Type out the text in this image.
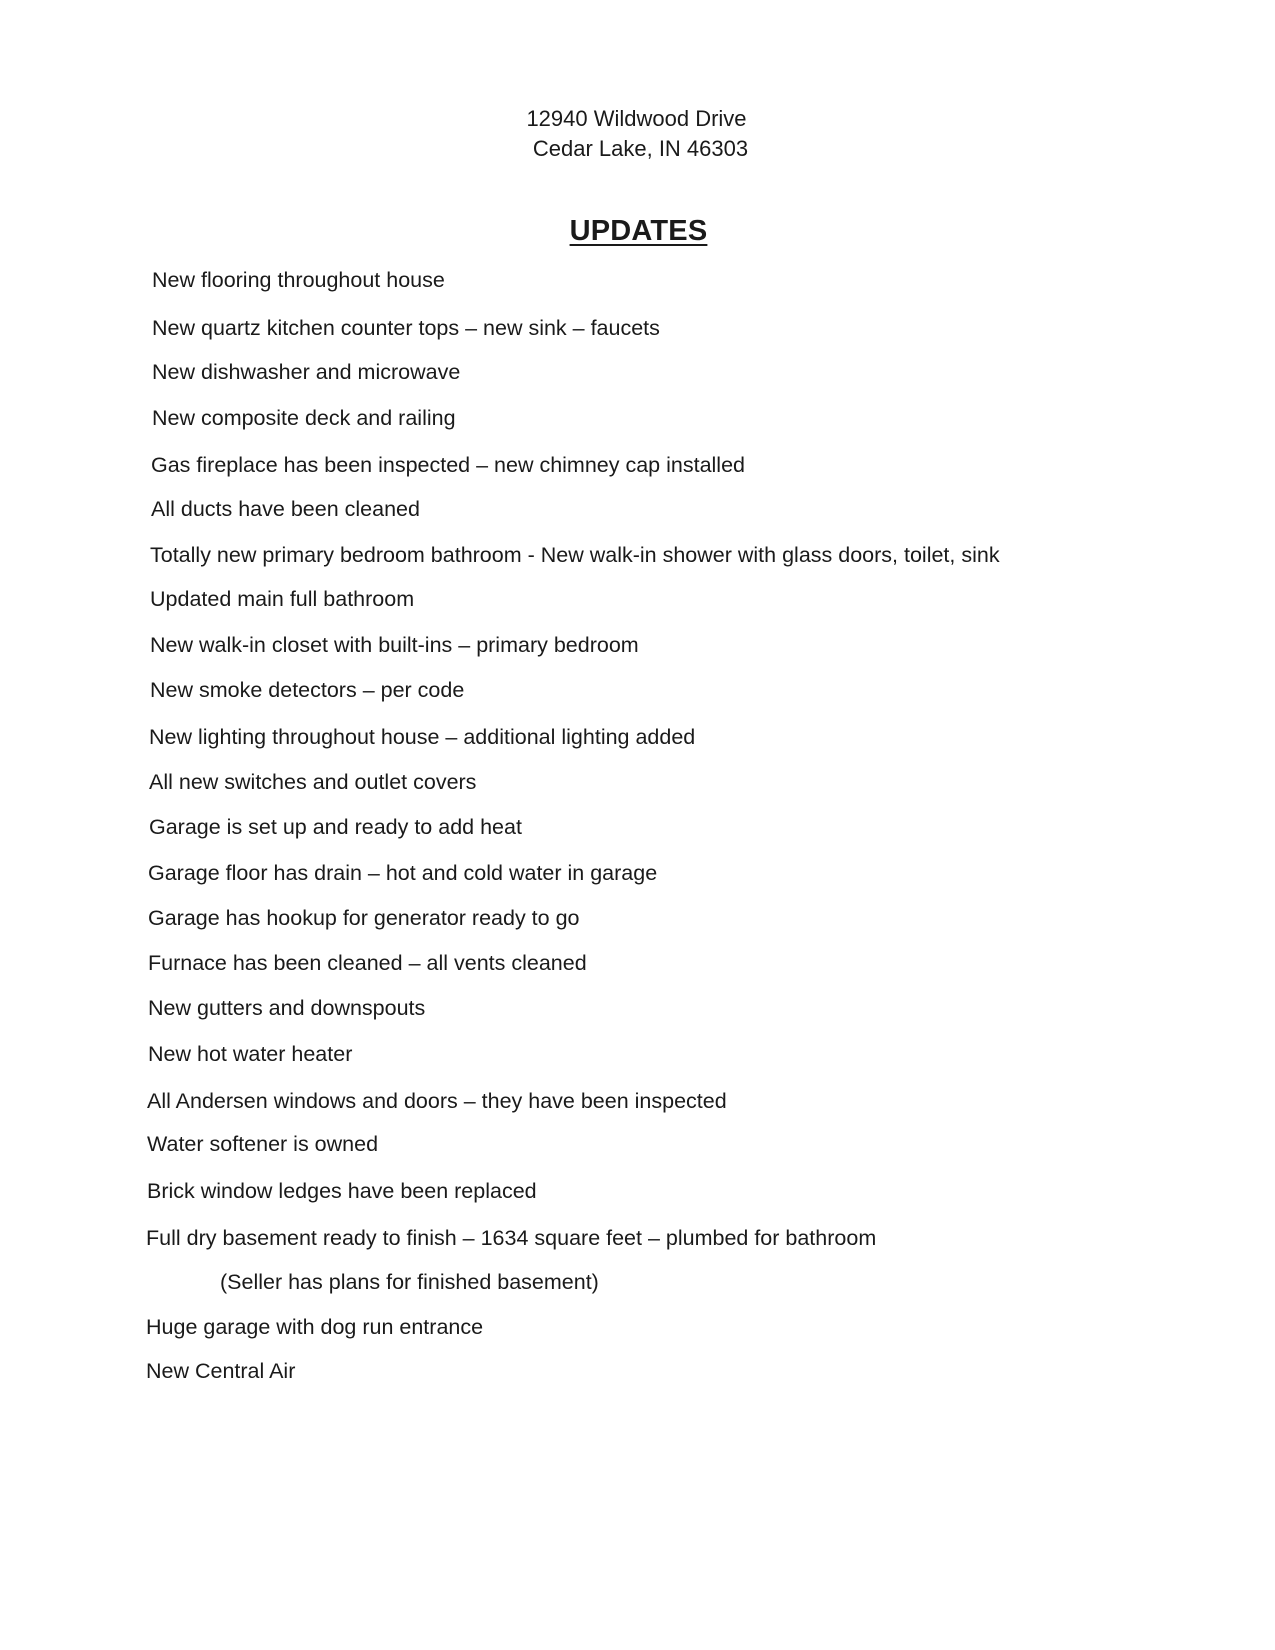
12940 Wildwood Drive
Cedar Lake, IN 46303
UPDATES
New flooring throughout house
New quartz kitchen counter tops – new sink – faucets
New dishwasher and microwave
New composite deck and railing
Gas fireplace has been inspected – new chimney cap installed
All ducts have been cleaned
Totally new primary bedroom bathroom - New walk-in shower with glass doors, toilet, sink
Updated main full bathroom
New walk-in closet with built-ins – primary bedroom
New smoke detectors – per code
New lighting throughout house – additional lighting added
All new switches and outlet covers
Garage is set up and ready to add heat
Garage floor has drain – hot and cold water in garage
Garage has hookup for generator ready to go
Furnace has been cleaned – all vents cleaned
New gutters and downspouts
New hot water heater
All Andersen windows and doors – they have been inspected
Water softener is owned
Brick window ledges have been replaced
Full dry basement ready to finish – 1634 square feet – plumbed for bathroom
(Seller has plans for finished basement)
Huge garage with dog run entrance
New Central Air
